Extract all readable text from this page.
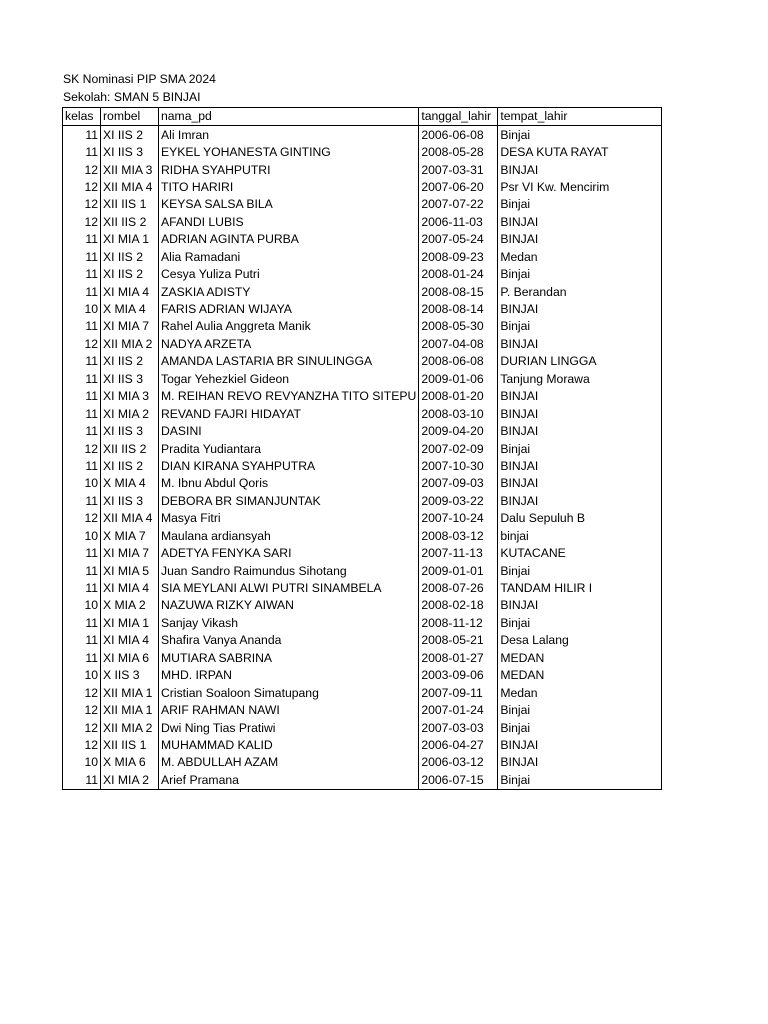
SK Nominasi PIP SMA 2024
Sekolah: SMAN 5 BINJAI
kelas	rombel	nama_pd	tanggal_lahir	tempat_lahir
11	XI IIS 2	Ali Imran	2006-06-08	Binjai
11	XI IIS 3	EYKEL YOHANESTA GINTING	2008-05-28	DESA KUTA RAYAT
12	XII MIA 3	RIDHA SYAHPUTRI	2007-03-31	BINJAI
12	XII MIA 4	TITO HARIRI	2007-06-20	Psr VI Kw. Mencirim
12	XII IIS 1	KEYSA SALSA BILA	2007-07-22	Binjai
12	XII IIS 2	AFANDI LUBIS	2006-11-03	BINJAI
11	XI MIA 1	ADRIAN AGINTA PURBA	2007-05-24	BINJAI
11	XI IIS 2	Alia Ramadani	2008-09-23	Medan
11	XI IIS 2	Cesya Yuliza Putri	2008-01-24	Binjai
11	XI MIA 4	ZASKIA ADISTY	2008-08-15	P. Berandan
10	X MIA 4	FARIS ADRIAN WIJAYA	2008-08-14	BINJAI
11	XI MIA 7	Rahel Aulia Anggreta Manik	2008-05-30	Binjai
12	XII MIA 2	NADYA ARZETA	2007-04-08	BINJAI
11	XI IIS 2	AMANDA LASTARIA BR SINULINGGA	2008-06-08	DURIAN LINGGA
11	XI IIS 3	Togar Yehezkiel Gideon	2009-01-06	Tanjung Morawa
11	XI MIA 3	M. REIHAN REVO REVYANZHA TITO SITEPU	2008-01-20	BINJAI
11	XI MIA 2	REVAND FAJRI HIDAYAT	2008-03-10	BINJAI
11	XI IIS 3	DASINI	2009-04-20	BINJAI
12	XII IIS 2	Pradita Yudiantara	2007-02-09	Binjai
11	XI IIS 2	DIAN KIRANA SYAHPUTRA	2007-10-30	BINJAI
10	X MIA 4	M. Ibnu Abdul Qoris	2007-09-03	BINJAI
11	XI IIS 3	DEBORA BR SIMANJUNTAK	2009-03-22	BINJAI
12	XII MIA 4	Masya Fitri	2007-10-24	Dalu Sepuluh B
10	X MIA 7	Maulana ardiansyah	2008-03-12	binjai
11	XI MIA 7	ADETYA FENYKA SARI	2007-11-13	KUTACANE
11	XI MIA 5	Juan Sandro Raimundus Sihotang	2009-01-01	Binjai
11	XI MIA 4	SIA MEYLANI ALWI PUTRI SINAMBELA	2008-07-26	TANDAM HILIR I
10	X MIA 2	NAZUWA RIZKY AIWAN	2008-02-18	BINJAI
11	XI MIA 1	Sanjay Vikash	2008-11-12	Binjai
11	XI MIA 4	Shafira Vanya Ananda	2008-05-21	Desa Lalang
11	XI MIA 6	MUTIARA SABRINA	2008-01-27	MEDAN
10	X IIS 3	MHD. IRPAN	2003-09-06	MEDAN
12	XII MIA 1	Cristian Soaloon Simatupang	2007-09-11	Medan
12	XII MIA 1	ARIF RAHMAN NAWI	2007-01-24	Binjai
12	XII MIA 2	Dwi Ning Tias Pratiwi	2007-03-03	Binjai
12	XII IIS 1	MUHAMMAD KALID	2006-04-27	BINJAI
10	X MIA 6	M. ABDULLAH AZAM	2006-03-12	BINJAI
11	XI MIA 2	Arief Pramana	2006-07-15	Binjai
